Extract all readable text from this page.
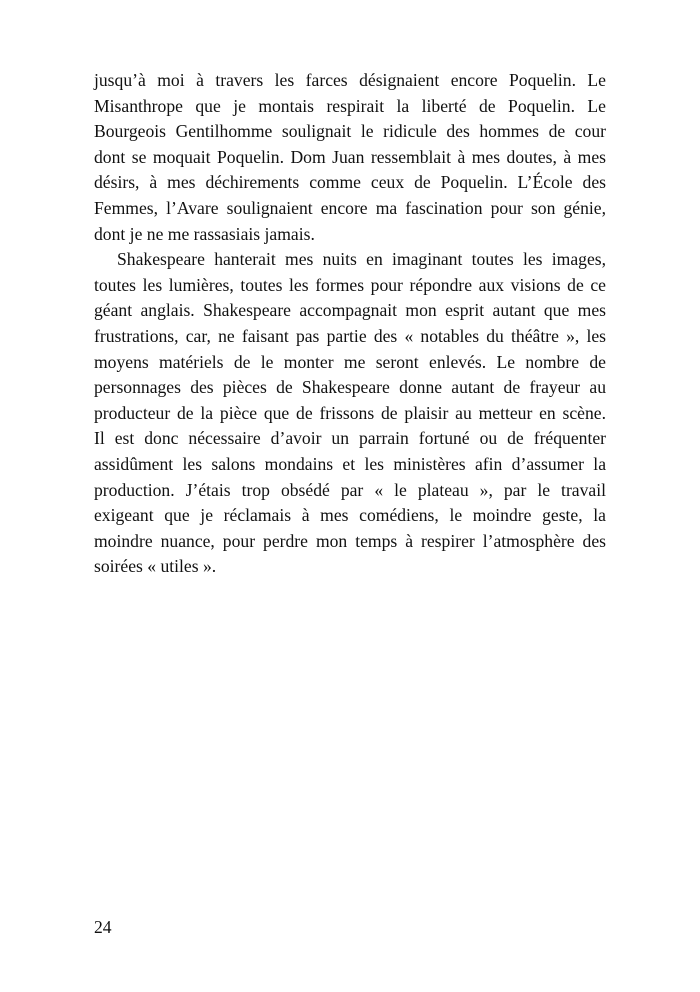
jusqu’à moi à travers les farces désignaient encore Poquelin. Le
Misanthrope que je montais respirait la liberté de Poquelin. Le
Bourgeois Gentilhomme soulignait le ridicule des hommes de cour
dont se moquait Poquelin. Dom Juan ressemblait à mes doutes, à mes
désirs, à mes déchirements comme ceux de Poquelin. L’École des
Femmes, l’Avare soulignaient encore ma fascination pour son génie,
dont je ne me rassasiais jamais.
Shakespeare hanterait mes nuits en imaginant toutes les images,
toutes les lumières, toutes les formes pour répondre aux visions de ce
géant anglais. Shakespeare accompagnait mon esprit autant que mes
frustrations, car, ne faisant pas partie des « notables du théâtre », les
moyens matériels de le monter me seront enlevés. Le nombre de
personnages des pièces de Shakespeare donne autant de frayeur au
producteur de la pièce que de frissons de plaisir au metteur en scène.
Il est donc nécessaire d’avoir un parrain fortuné ou de fréquenter
assidûment les salons mondains et les ministères afin d’assumer la
production. J’étais trop obsédé par « le plateau », par le travail
exigeant que je réclamais à mes comédiens, le moindre geste, la
moindre nuance, pour perdre mon temps à respirer l’atmosphère des
soirées « utiles ».
24
